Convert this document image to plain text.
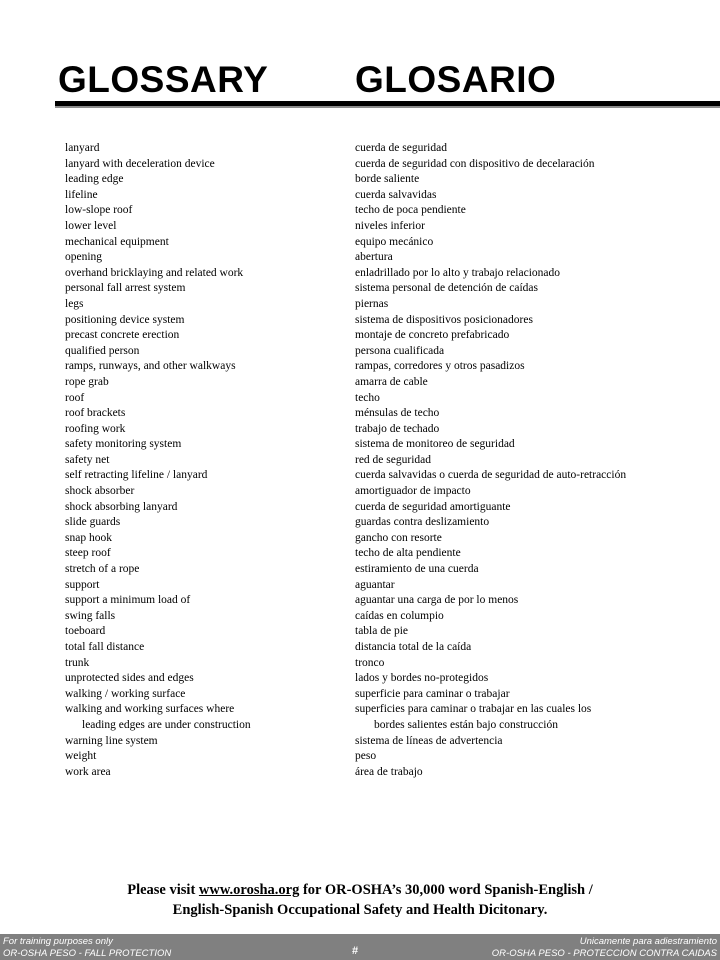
GLOSSARY GLOSARIO
lanyard	cuerda de seguridad
lanyard with deceleration device	cuerda de seguridad con dispositivo de decelaración
leading edge	borde saliente
lifeline	cuerda salvavidas
low-slope roof	techo de poca pendiente
lower level	niveles inferior
mechanical equipment	equipo mecánico
opening	abertura
overhand bricklaying and related work	enladrillado por lo alto y trabajo relacionado
personal fall arrest system	sistema personal de detención de caídas
legs	piernas
positioning device system	sistema de dispositivos posicionadores
precast concrete erection	montaje de concreto prefabricado
qualified person	persona cualificada
ramps, runways, and other walkways	rampas, corredores y otros pasadizos
rope grab	amarra de cable
roof	techo
roof brackets	ménsulas de techo
roofing work	trabajo de techado
safety monitoring system	sistema de monitoreo de seguridad
safety net	red de seguridad
self retracting lifeline / lanyard	cuerda salvavidas o cuerda de seguridad de auto-retracción
shock absorber	amortiguador de impacto
shock absorbing lanyard	cuerda de seguridad amortiguante
slide guards	guardas contra deslizamiento
snap hook	gancho con resorte
steep roof	techo de alta pendiente
stretch of a rope	estiramiento de una cuerda
support	aguantar
support a minimum load of	aguantar una carga de por lo menos
swing falls	caídas en columpio
toeboard	tabla de pie
total fall distance	distancia total de la caída
trunk	tronco
unprotected sides and edges	lados y bordes no-protegidos
walking / working surface	superficie para caminar o trabajar
walking and working surfaces where	superficies para caminar o trabajar en las cuales los
leading edges are under construction	bordes salientes están bajo construcción
warning line system	sistema de líneas de advertencia
weight	peso
work area	área de trabajo

Please visit www.orosha.org for OR-OSHA’s 30,000 word Spanish-English /
English-Spanish Occupational Safety and Health Dicitonary.

For training purposes only
OR-OSHA PESO - FALL PROTECTION	#
Unicamente para adiestramiento
OR-OSHA PESO - PROTECCION CONTRA CAIDAS
